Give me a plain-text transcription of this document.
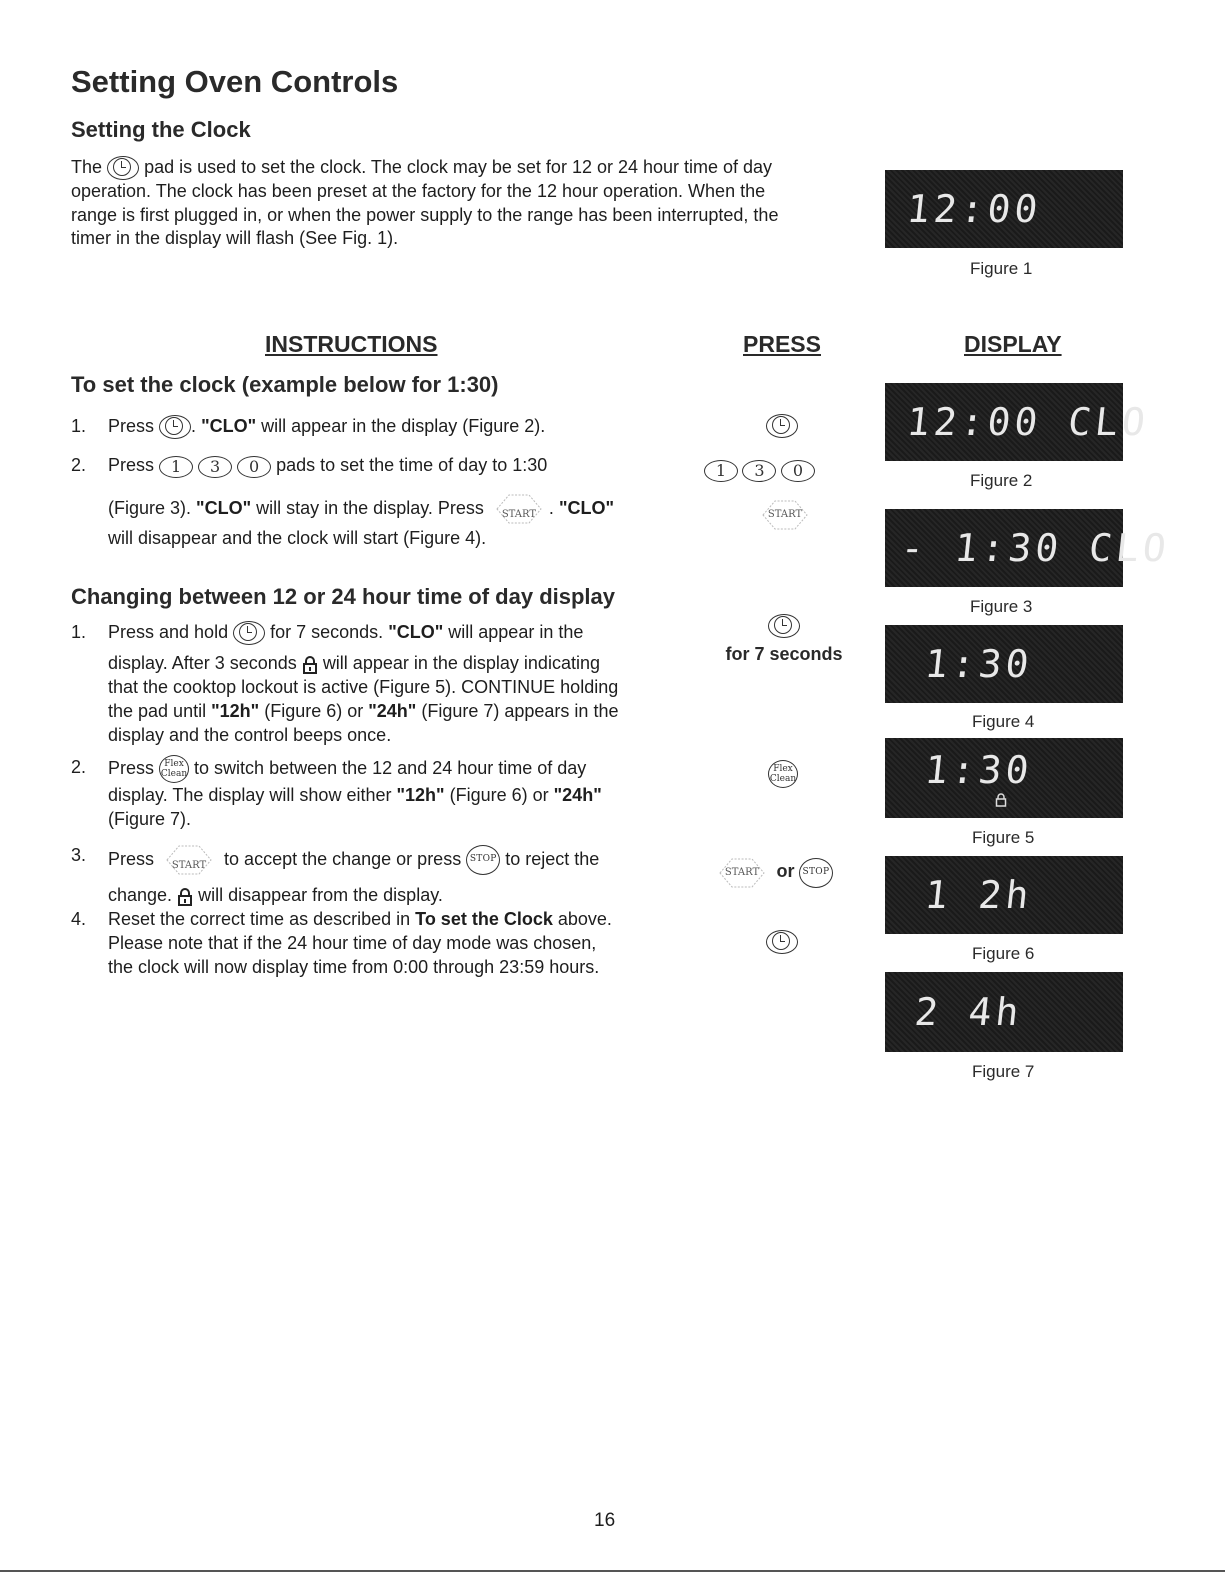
Setting Oven Controls
Setting the Clock

The pad is used to set the clock. The clock may be set for 12 or 24 hour time of day

operation. The clock has been preset at the factory for the 12 hour operation. When the

range is first plugged in, or when the power supply to the range has been interrupted, the

timer in the display will flash (See Fig. 1).

INSTRUCTIONS	PRESS	DISPLAY
To set the clock (example below for 1:30)
1. Press . "CLO" will appear in the display (Figure 2).
2. Press 1 3 0 pads to set the time of day to 1:30
(Figure 3). "CLO" will stay in the display. Press	START . "CLO"
will disappear and the clock will start (Figure 4).
Changing between 12 or 24 hour time of day display
1. Press and hold for 7 seconds. "CLO" will appear in the
display. After 3 seconds will appear in the display indicating
that the cooktop lockout is active (Figure 5). CONTINUE holding
the pad until "12h" (Figure 6) or "24h" (Figure 7) appears in the
display and the control beeps once.
2. Press Flex
Clean to switch between the 12 and 24 hour time of day
display. The display will show either "12h" (Figure 6) or "24h"
(Figure 7).
3. Press	START to accept the change or press STOP to reject the
change. will disappear from the display.
4. Reset the correct time as described in To set the Clock above.
Please note that if the 24 hour time of day mode was chosen,
the clock will now display time from 0:00 through 23:59 hours.
1 3 0
START
for 7 seconds
Flex
Clean
START or STOP
12:00
Figure 1
12:00 CLO
Figure 2
- 1:30 CLO
Figure 3
1:30
Figure 4
1:30
Figure 5
1 2h
Figure 6
2 4h
Figure 7
16
